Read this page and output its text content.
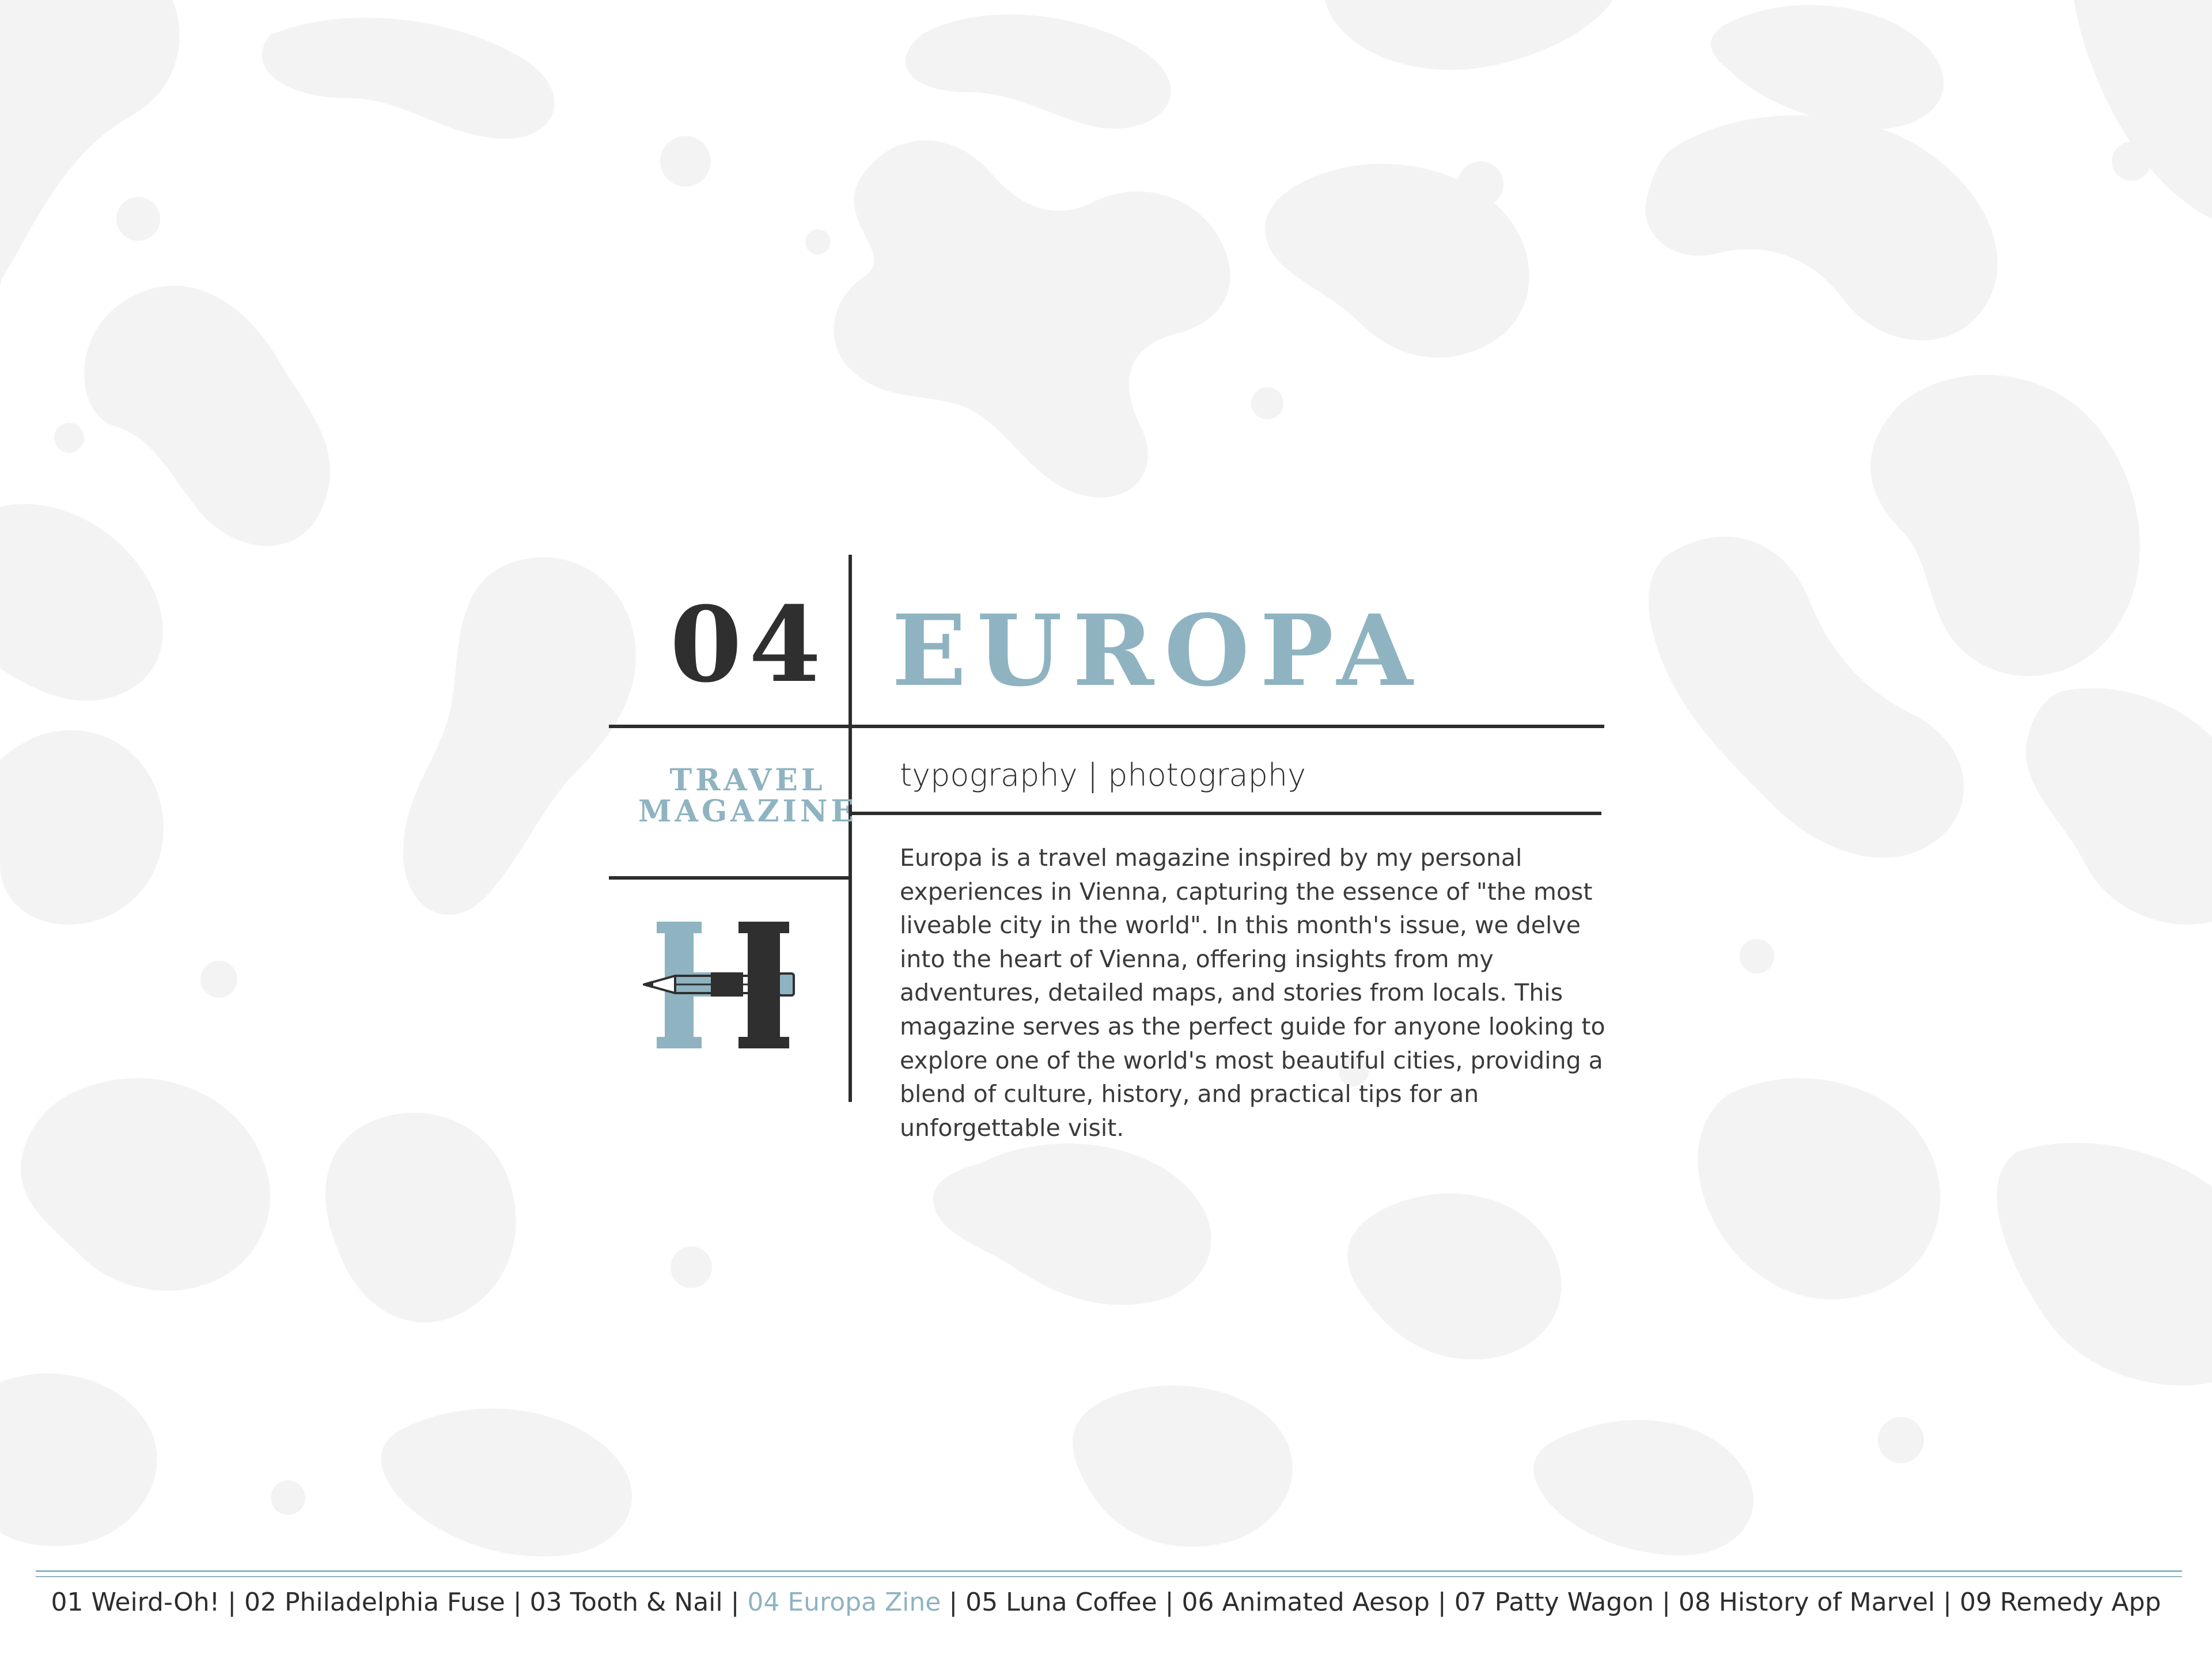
04 EUROPA
TRAVEL
MAGAZINE
typography | photography
Europa is a travel magazine inspired by my personal experiences in Vienna, capturing the essence of "the most liveable city in the world". In this month's issue, we delve into the heart of Vienna, offering insights from my adventures, detailed maps, and stories from locals. This magazine serves as the perfect guide for anyone looking to explore one of the world's most beautiful cities, providing a blend of culture, history, and practical tips for an unforgettable visit.
01 Weird-Oh! | 02 Philadelphia Fuse | 03 Tooth & Nail | 04 Europa Zine | 05 Luna Coffee | 06 Animated Aesop | 07 Patty Wagon | 08 History of Marvel | 09 Remedy App
